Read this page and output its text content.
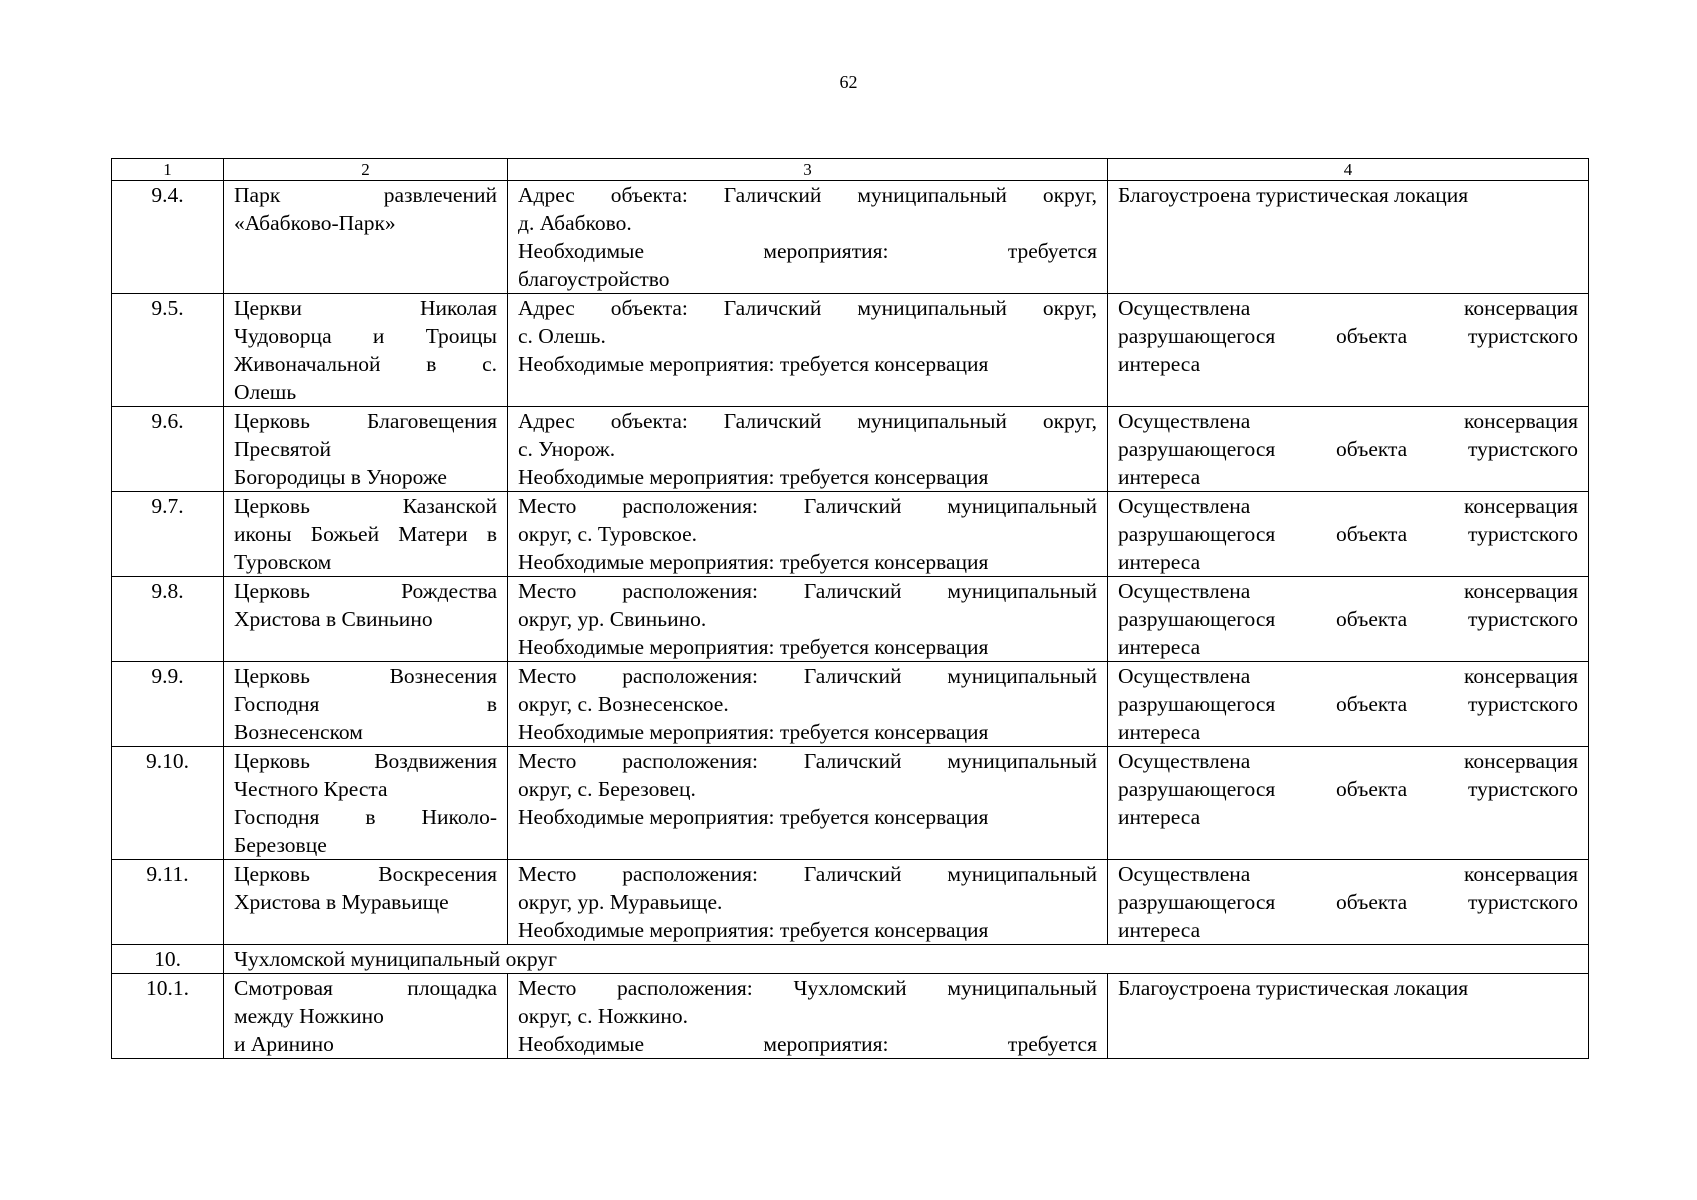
62
1	2	3	4
9.4.	Парк развлечений
«Абабково-Парк»	Адрес объекта: Галичский муниципальный округ,
д. Абабково.
Необходимые мероприятия: требуется
благоустройство	Благоустроена туристическая локация

9.5.	Церкви Николая
Чудоворца и Троицы
Живоначальной в с.
Олешь	Адрес объекта: Галичский муниципальный округ,
с. Олешь.
Необходимые мероприятия: требуется консервация	Осуществлена консервация
разрушающегося объекта туристского
интереса

9.6.	Церковь Благовещения
Пресвятой
Богородицы в Унороже	Адрес объекта: Галичский муниципальный округ,
с. Унорож.
Необходимые мероприятия: требуется консервация	Осуществлена консервация
разрушающегося объекта туристского
интереса

9.7.	Церковь Казанской
иконы Божьей Матери в
Туровском	Место расположения: Галичский муниципальный
округ, с. Туровское.
Необходимые мероприятия: требуется консервация	Осуществлена консервация
разрушающегося объекта туристского
интереса

9.8.	Церковь Рождества
Христова в Свиньино	Место расположения: Галичский муниципальный
округ, ур. Свиньино.
Необходимые мероприятия: требуется консервация	Осуществлена консервация
разрушающегося объекта туристского
интереса

9.9.	Церковь Вознесения
Господня в
Вознесенском	Место расположения: Галичский муниципальный
округ, с. Вознесенское.
Необходимые мероприятия: требуется консервация	Осуществлена консервация
разрушающегося объекта туристского
интереса

9.10.	Церковь Воздвижения
Честного Креста
Господня в Николо-
Березовце	Место расположения: Галичский муниципальный
округ, с. Березовец.
Необходимые мероприятия: требуется консервация	Осуществлена консервация
разрушающегося объекта туристского
интереса

9.11.	Церковь Воскресения
Христова в Муравьище	Место расположения: Галичский муниципальный
округ, ур. Муравьище.
Необходимые мероприятия: требуется консервация	Осуществлена консервация
разрушающегося объекта туристского
интереса

10.	Чухломской муниципальный округ		
10.1.	Смотровая площадка
между Ножкино
и Аринино	Место расположения: Чухломский муниципальный
округ, с. Ножкино.
Необходимые мероприятия: требуется	Благоустроена туристическая локация
